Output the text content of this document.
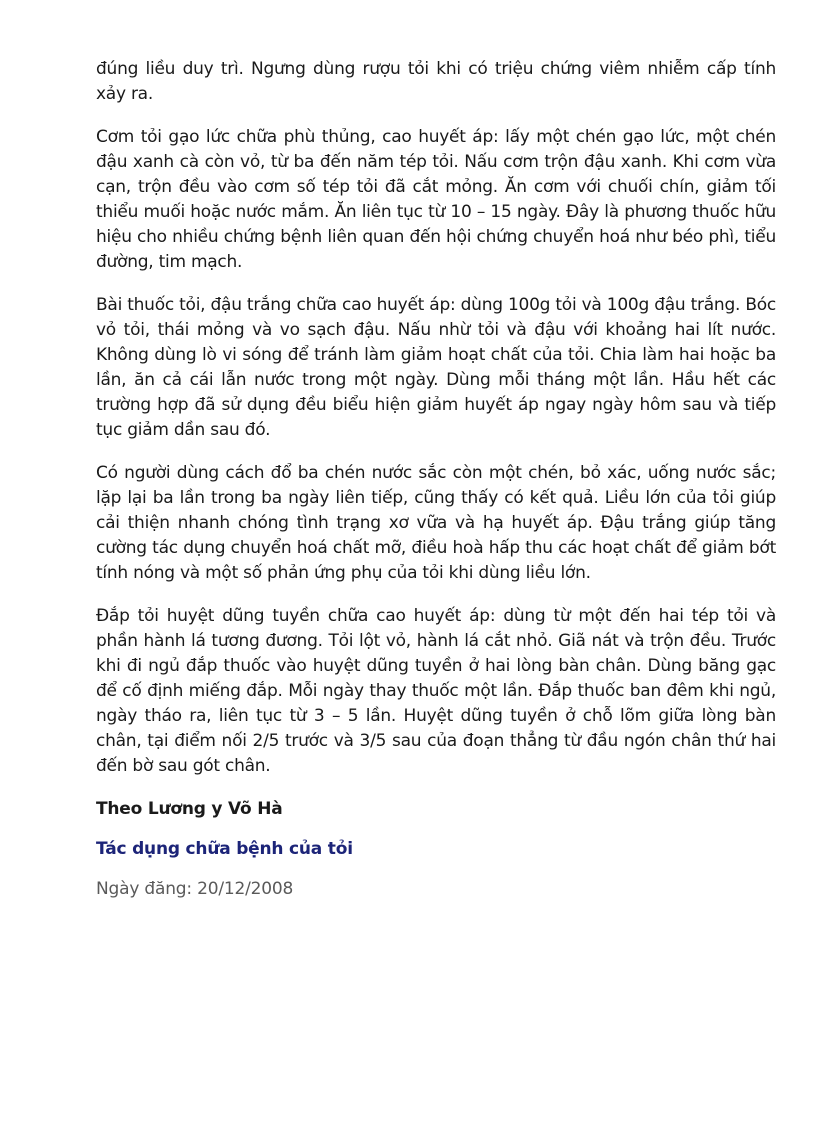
đúng liều duy trì. Ngưng dùng rượu tỏi khi có triệu chứng viêm nhiễm cấp tính xảy ra.

Cơm tỏi gạo lức chữa phù thủng, cao huyết áp: lấy một chén gạo lức, một chén đậu xanh cà còn vỏ, từ ba đến năm tép tỏi. Nấu cơm trộn đậu xanh. Khi cơm vừa cạn, trộn đều vào cơm số tép tỏi đã cắt mỏng. Ăn cơm với chuối chín, giảm tối thiểu muối hoặc nước mắm. Ăn liên tục từ 10 – 15 ngày. Đây là phương thuốc hữu hiệu cho nhiều chứng bệnh liên quan đến hội chứng chuyển hoá như béo phì, tiểu đường, tim mạch.

Bài thuốc tỏi, đậu trắng chữa cao huyết áp: dùng 100g tỏi và 100g đậu trắng. Bóc vỏ tỏi, thái mỏng và vo sạch đậu. Nấu nhừ tỏi và đậu với khoảng hai lít nước. Không dùng lò vi sóng để tránh làm giảm hoạt chất của tỏi. Chia làm hai hoặc ba lần, ăn cả cái lẫn nước trong một ngày. Dùng mỗi tháng một lần. Hầu hết các trường hợp đã sử dụng đều biểu hiện giảm huyết áp ngay ngày hôm sau và tiếp tục giảm dần sau đó.

Có người dùng cách đổ ba chén nước sắc còn một chén, bỏ xác, uống nước sắc; lặp lại ba lần trong ba ngày liên tiếp, cũng thấy có kết quả. Liều lớn của tỏi giúp cải thiện nhanh chóng tình trạng xơ vữa và hạ huyết áp. Đậu trắng giúp tăng cường tác dụng chuyển hoá chất mỡ, điều hoà hấp thu các hoạt chất để giảm bớt tính nóng và một số phản ứng phụ của tỏi khi dùng liều lớn.

Đắp tỏi huyệt dũng tuyền chữa cao huyết áp: dùng từ một đến hai tép tỏi và phần hành lá tương đương. Tỏi lột vỏ, hành lá cắt nhỏ. Giã nát và trộn đều. Trước khi đi ngủ đắp thuốc vào huyệt dũng tuyền ở hai lòng bàn chân. Dùng băng gạc để cố định miếng đắp. Mỗi ngày thay thuốc một lần. Đắp thuốc ban đêm khi ngủ, ngày tháo ra, liên tục từ 3 – 5 lần. Huyệt dũng tuyền ở chỗ lõm giữa lòng bàn chân, tại điểm nối 2/5 trước và 3/5 sau của đoạn thẳng từ đầu ngón chân thứ hai đến bờ sau gót chân.

Theo Lương y Võ Hà
Tác dụng chữa bệnh của tỏi
Ngày đăng: 20/12/2008
